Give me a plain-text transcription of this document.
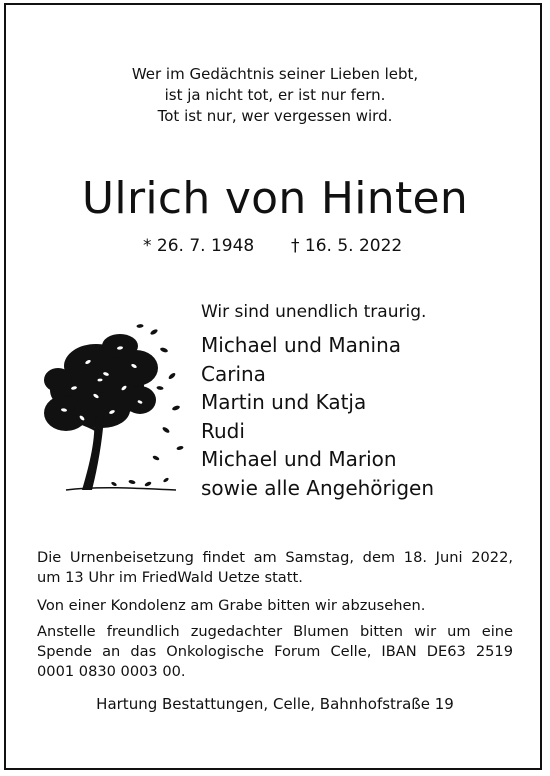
Wer im Gedächtnis seiner Lieben lebt,
ist ja nicht tot, er ist nur fern.
Tot ist nur, wer vergessen wird.
Ulrich von Hinten
* 26. 7. 1948 † 16. 5. 2022
Wir sind unendlich traurig.
Michael und Manina
Carina
Martin und Katja
Rudi
Michael und Marion
sowie alle Angehörigen
Die Urnenbeisetzung findet am Samstag, dem 18. Juni 2022,
um 13 Uhr im FriedWald Uetze statt.
Von einer Kondolenz am Grabe bitten wir abzusehen.
Anstelle freundlich zugedachter Blumen bitten wir um eine
Spende an das Onkologische Forum Celle, IBAN DE63 2519
0001 0830 0003 00.
Hartung Bestattungen, Celle, Bahnhofstraße 19
